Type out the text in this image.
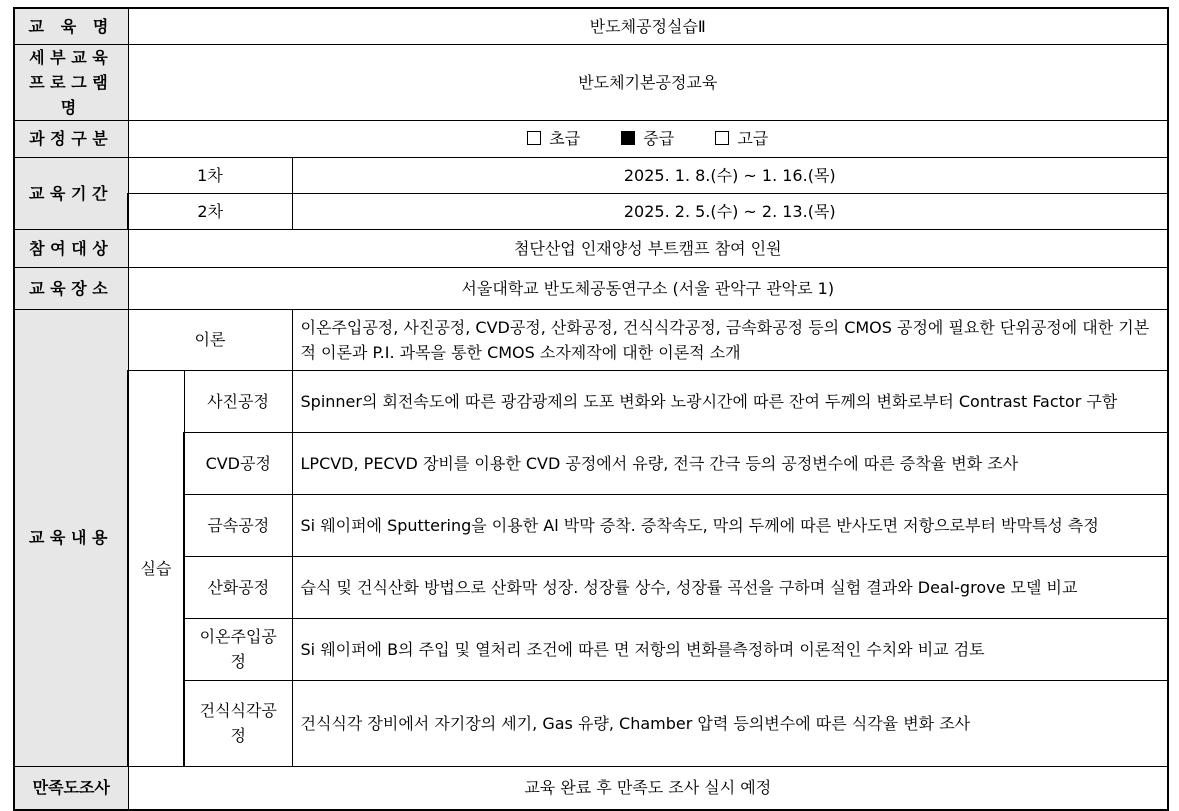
교 육 명	반도체공정실습Ⅱ		
세부교육
프로그램명	반도체기본공정교육		
과정구분	초급 중급 고급		
교육기간	1차		2025. 1. 8.(수) ~ 1. 16.(목)
	2차		2025. 2. 5.(수) ~ 2. 13.(목)
참여대상	첨단산업 인재양성 부트캠프 참여 인원		
교육장소	서울대학교 반도체공동연구소 (서울 관악구 관악로 1)		
교육내용	이론		이온주입공정, 사진공정, CVD공정, 산화공정, 건식식각공정, 금속화공정 등의 CMOS 공정에 필요한 단위공정에 대한 기본적 이론과 P.I. 과목을 통한 CMOS 소자제작에 대한 이론적 소개
	실습	사진공정	Spinner의 회전속도에 따른 광감광제의 도포 변화와 노광시간에 따른 잔여 두께의 변화로부터 Contrast Factor 구함
		CVD공정	LPCVD, PECVD 장비를 이용한 CVD 공정에서 유량, 전극 간극 등의 공정변수에 따른 증착율 변화 조사
		금속공정	Si 웨이퍼에 Sputtering을 이용한 Al 박막 증착. 증착속도, 막의 두께에 따른 반사도면 저항으로부터 박막특성 측정
		산화공정	습식 및 건식산화 방법으로 산화막 성장. 성장률 상수, 성장률 곡선을 구하며 실험 결과와 Deal-grove 모델 비교
		이온주입공정	Si 웨이퍼에 B의 주입 및 열처리 조건에 따른 면 저항의 변화를측정하며 이론적인 수치와 비교 검토
		건식식각공정	건식식각 장비에서 자기장의 세기, Gas 유량, Chamber 압력 등의변수에 따른 식각율 변화 조사
만족도조사	교육 완료 후 만족도 조사 실시 예정		
